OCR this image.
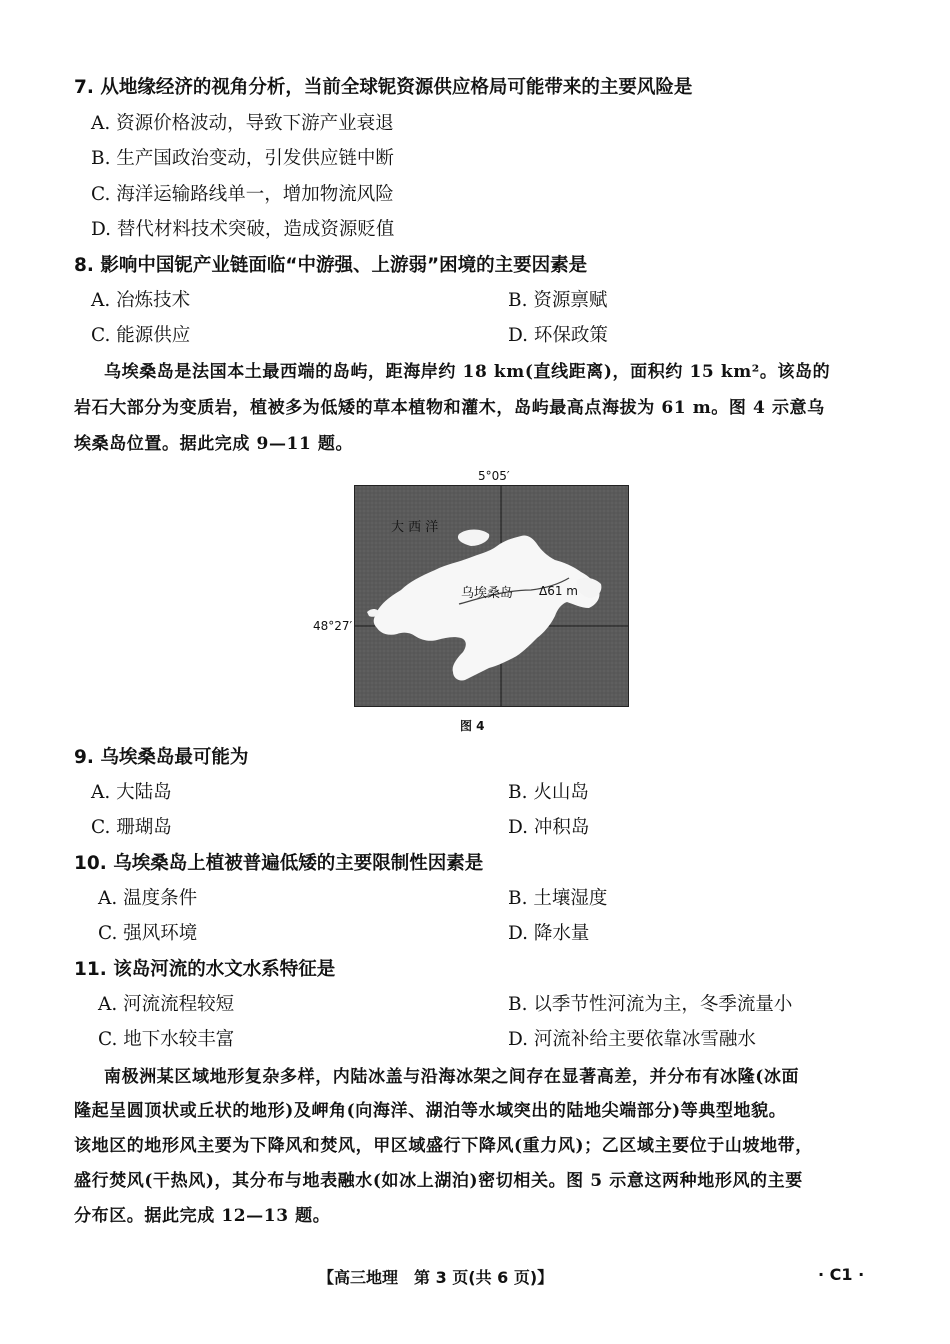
7. 从地缘经济的视角分析，当前全球铌资源供应格局可能带来的主要风险是
A. 资源价格波动，导致下游产业衰退
B. 生产国政治变动，引发供应链中断
C. 海洋运输路线单一，增加物流风险
D. 替代材料技术突破，造成资源贬值
8. 影响中国铌产业链面临“中游强、上游弱”困境的主要因素是
A. 冶炼技术	B. 资源禀赋
C. 能源供应	D. 环保政策
乌埃桑岛是法国本土最西端的岛屿，距海岸约 18 km(直线距离)，面积约 15 km²。该岛的
岩石大部分为变质岩，植被多为低矮的草本植物和灌木，岛屿最高点海拔为 61 m。图 4 示意乌
埃桑岛位置。据此完成 9—11 题。
5°05′
48°27′
大 西 洋
乌埃桑岛 Δ61 m
图 4
9. 乌埃桑岛最可能为
A. 大陆岛	B. 火山岛
C. 珊瑚岛	D. 冲积岛
10. 乌埃桑岛上植被普遍低矮的主要限制性因素是
A. 温度条件	B. 土壤湿度
C. 强风环境	D. 降水量
11. 该岛河流的水文水系特征是
A. 河流流程较短	B. 以季节性河流为主，冬季流量小
C. 地下水较丰富	D. 河流补给主要依靠冰雪融水
南极洲某区域地形复杂多样，内陆冰盖与沿海冰架之间存在显著高差，并分布有冰隆(冰面
隆起呈圆顶状或丘状的地形)及岬角(向海洋、湖泊等水域突出的陆地尖端部分)等典型地貌。
该地区的地形风主要为下降风和焚风，甲区域盛行下降风(重力风)；乙区域主要位于山坡地带，
盛行焚风(干热风)，其分布与地表融水(如冰上湖泊)密切相关。图 5 示意这两种地形风的主要
分布区。据此完成 12—13 题。
【高三地理　第 3 页(共 6 页)】	· C1 ·
